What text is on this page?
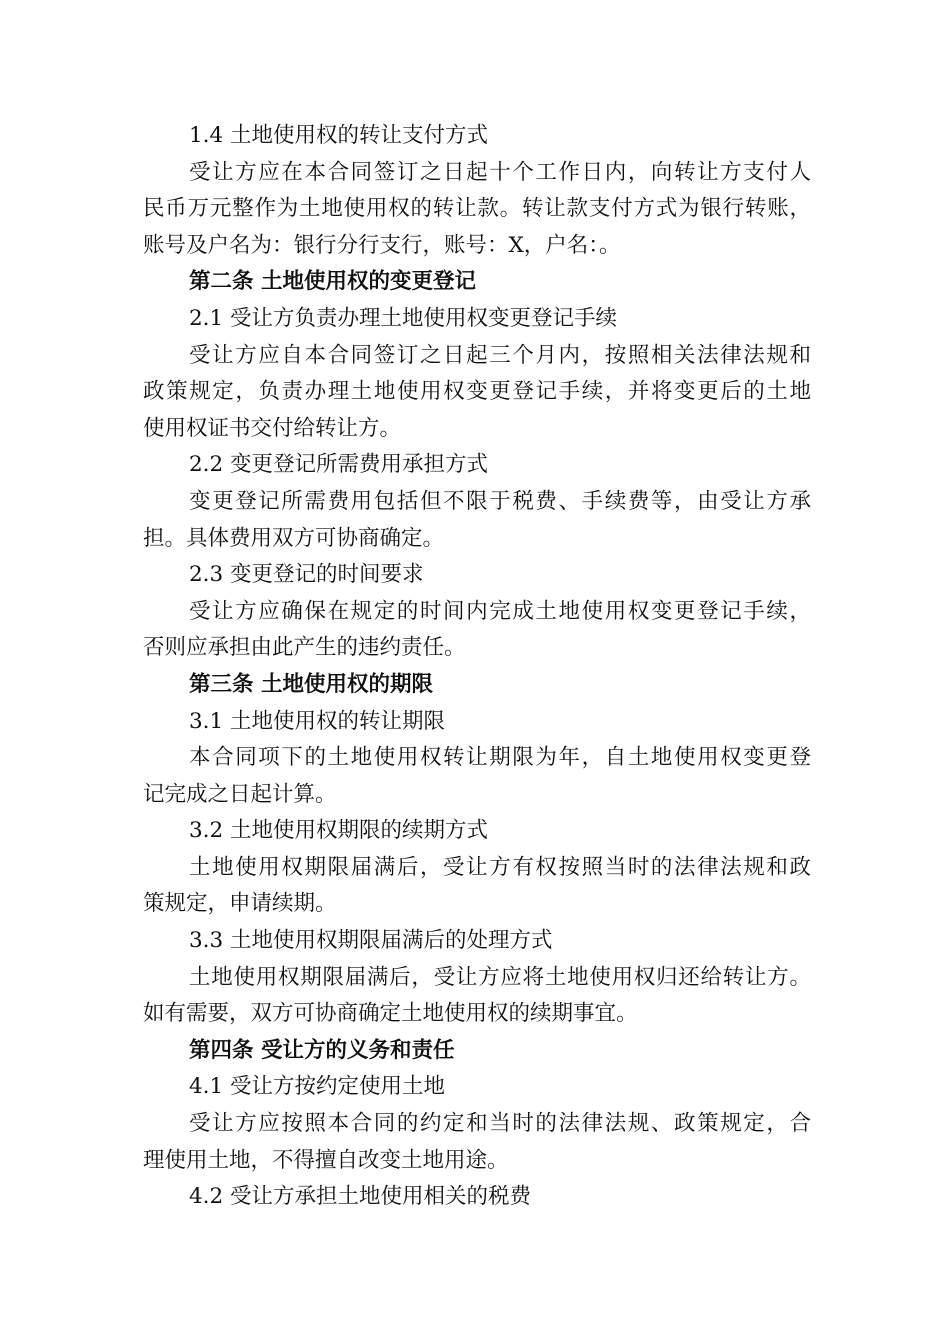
1.4 土地使用权的转让支付方式
受让方应在本合同签订之日起十个工作日内，向转让方支付人
民币万元整作为土地使用权的转让款。转让款支付方式为银行转账，
账号及户名为：银行分行支行，账号：X，户名：。
第二条 土地使用权的变更登记
2.1 受让方负责办理土地使用权变更登记手续
受让方应自本合同签订之日起三个月内，按照相关法律法规和
政策规定，负责办理土地使用权变更登记手续，并将变更后的土地
使用权证书交付给转让方。
2.2 变更登记所需费用承担方式
变更登记所需费用包括但不限于税费、手续费等，由受让方承
担。具体费用双方可协商确定。
2.3 变更登记的时间要求
受让方应确保在规定的时间内完成土地使用权变更登记手续，
否则应承担由此产生的违约责任。
第三条 土地使用权的期限
3.1 土地使用权的转让期限
本合同项下的土地使用权转让期限为年，自土地使用权变更登
记完成之日起计算。
3.2 土地使用权期限的续期方式
土地使用权期限届满后，受让方有权按照当时的法律法规和政
策规定，申请续期。
3.3 土地使用权期限届满后的处理方式
土地使用权期限届满后，受让方应将土地使用权归还给转让方。
如有需要，双方可协商确定土地使用权的续期事宜。
第四条 受让方的义务和责任
4.1 受让方按约定使用土地
受让方应按照本合同的约定和当时的法律法规、政策规定，合
理使用土地，不得擅自改变土地用途。
4.2 受让方承担土地使用相关的税费
